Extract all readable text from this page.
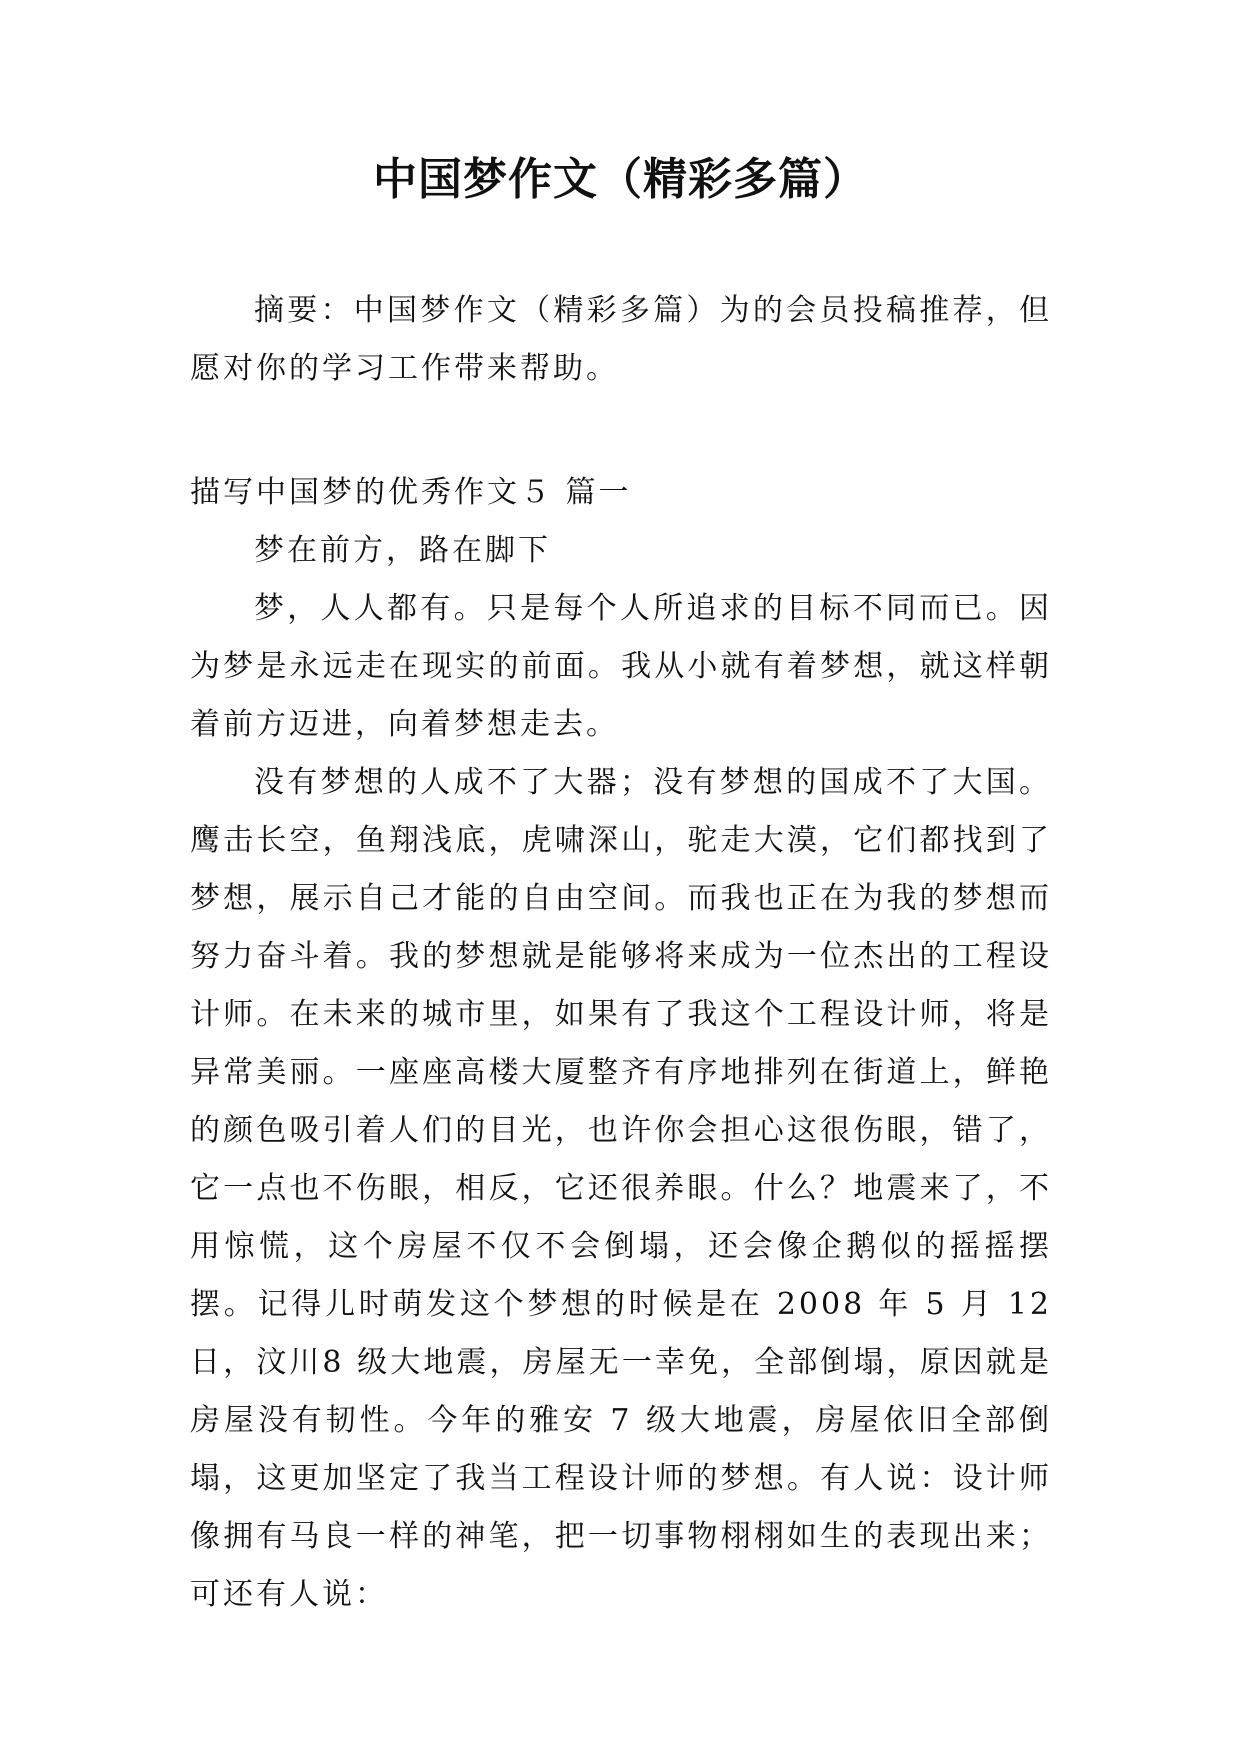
中国梦作文（精彩多篇）

摘要：中国梦作文（精彩多篇）为的会员投稿推荐，但愿对你的学习工作带来帮助。

描写中国梦的优秀作文５ 篇一

梦在前方，路在脚下

梦，人人都有。只是每个人所追求的目标不同而已。因为梦是永远走在现实的前面。我从小就有着梦想，就这样朝着前方迈进，向着梦想走去。

没有梦想的人成不了大器；没有梦想的国成不了大国。鹰击长空，鱼翔浅底，虎啸深山，驼走大漠，它们都找到了梦想，展示自己才能的自由空间。而我也正在为我的梦想而努力奋斗着。我的梦想就是能够将来成为一位杰出的工程设计师。在未来的城市里，如果有了我这个工程设计师，将是异常美丽。一座座高楼大厦整齐有序地排列在街道上，鲜艳的颜色吸引着人们的目光，也许你会担心这很伤眼，错了，它一点也不伤眼，相反，它还很养眼。什么？地震来了，不用惊慌，这个房屋不仅不会倒塌，还会像企鹅似的摇摇摆摆。记得儿时萌发这个梦想的时候是在 2008 年 5 月 12 日，汶川8 级大地震，房屋无一幸免，全部倒塌，原因就是房屋没有韧性。今年的雅安 7 级大地震，房屋依旧全部倒塌，这更加坚定了我当工程设计师的梦想。有人说：设计师像拥有马良一样的神笔，把一切事物栩栩如生的表现出来；可还有人说：
